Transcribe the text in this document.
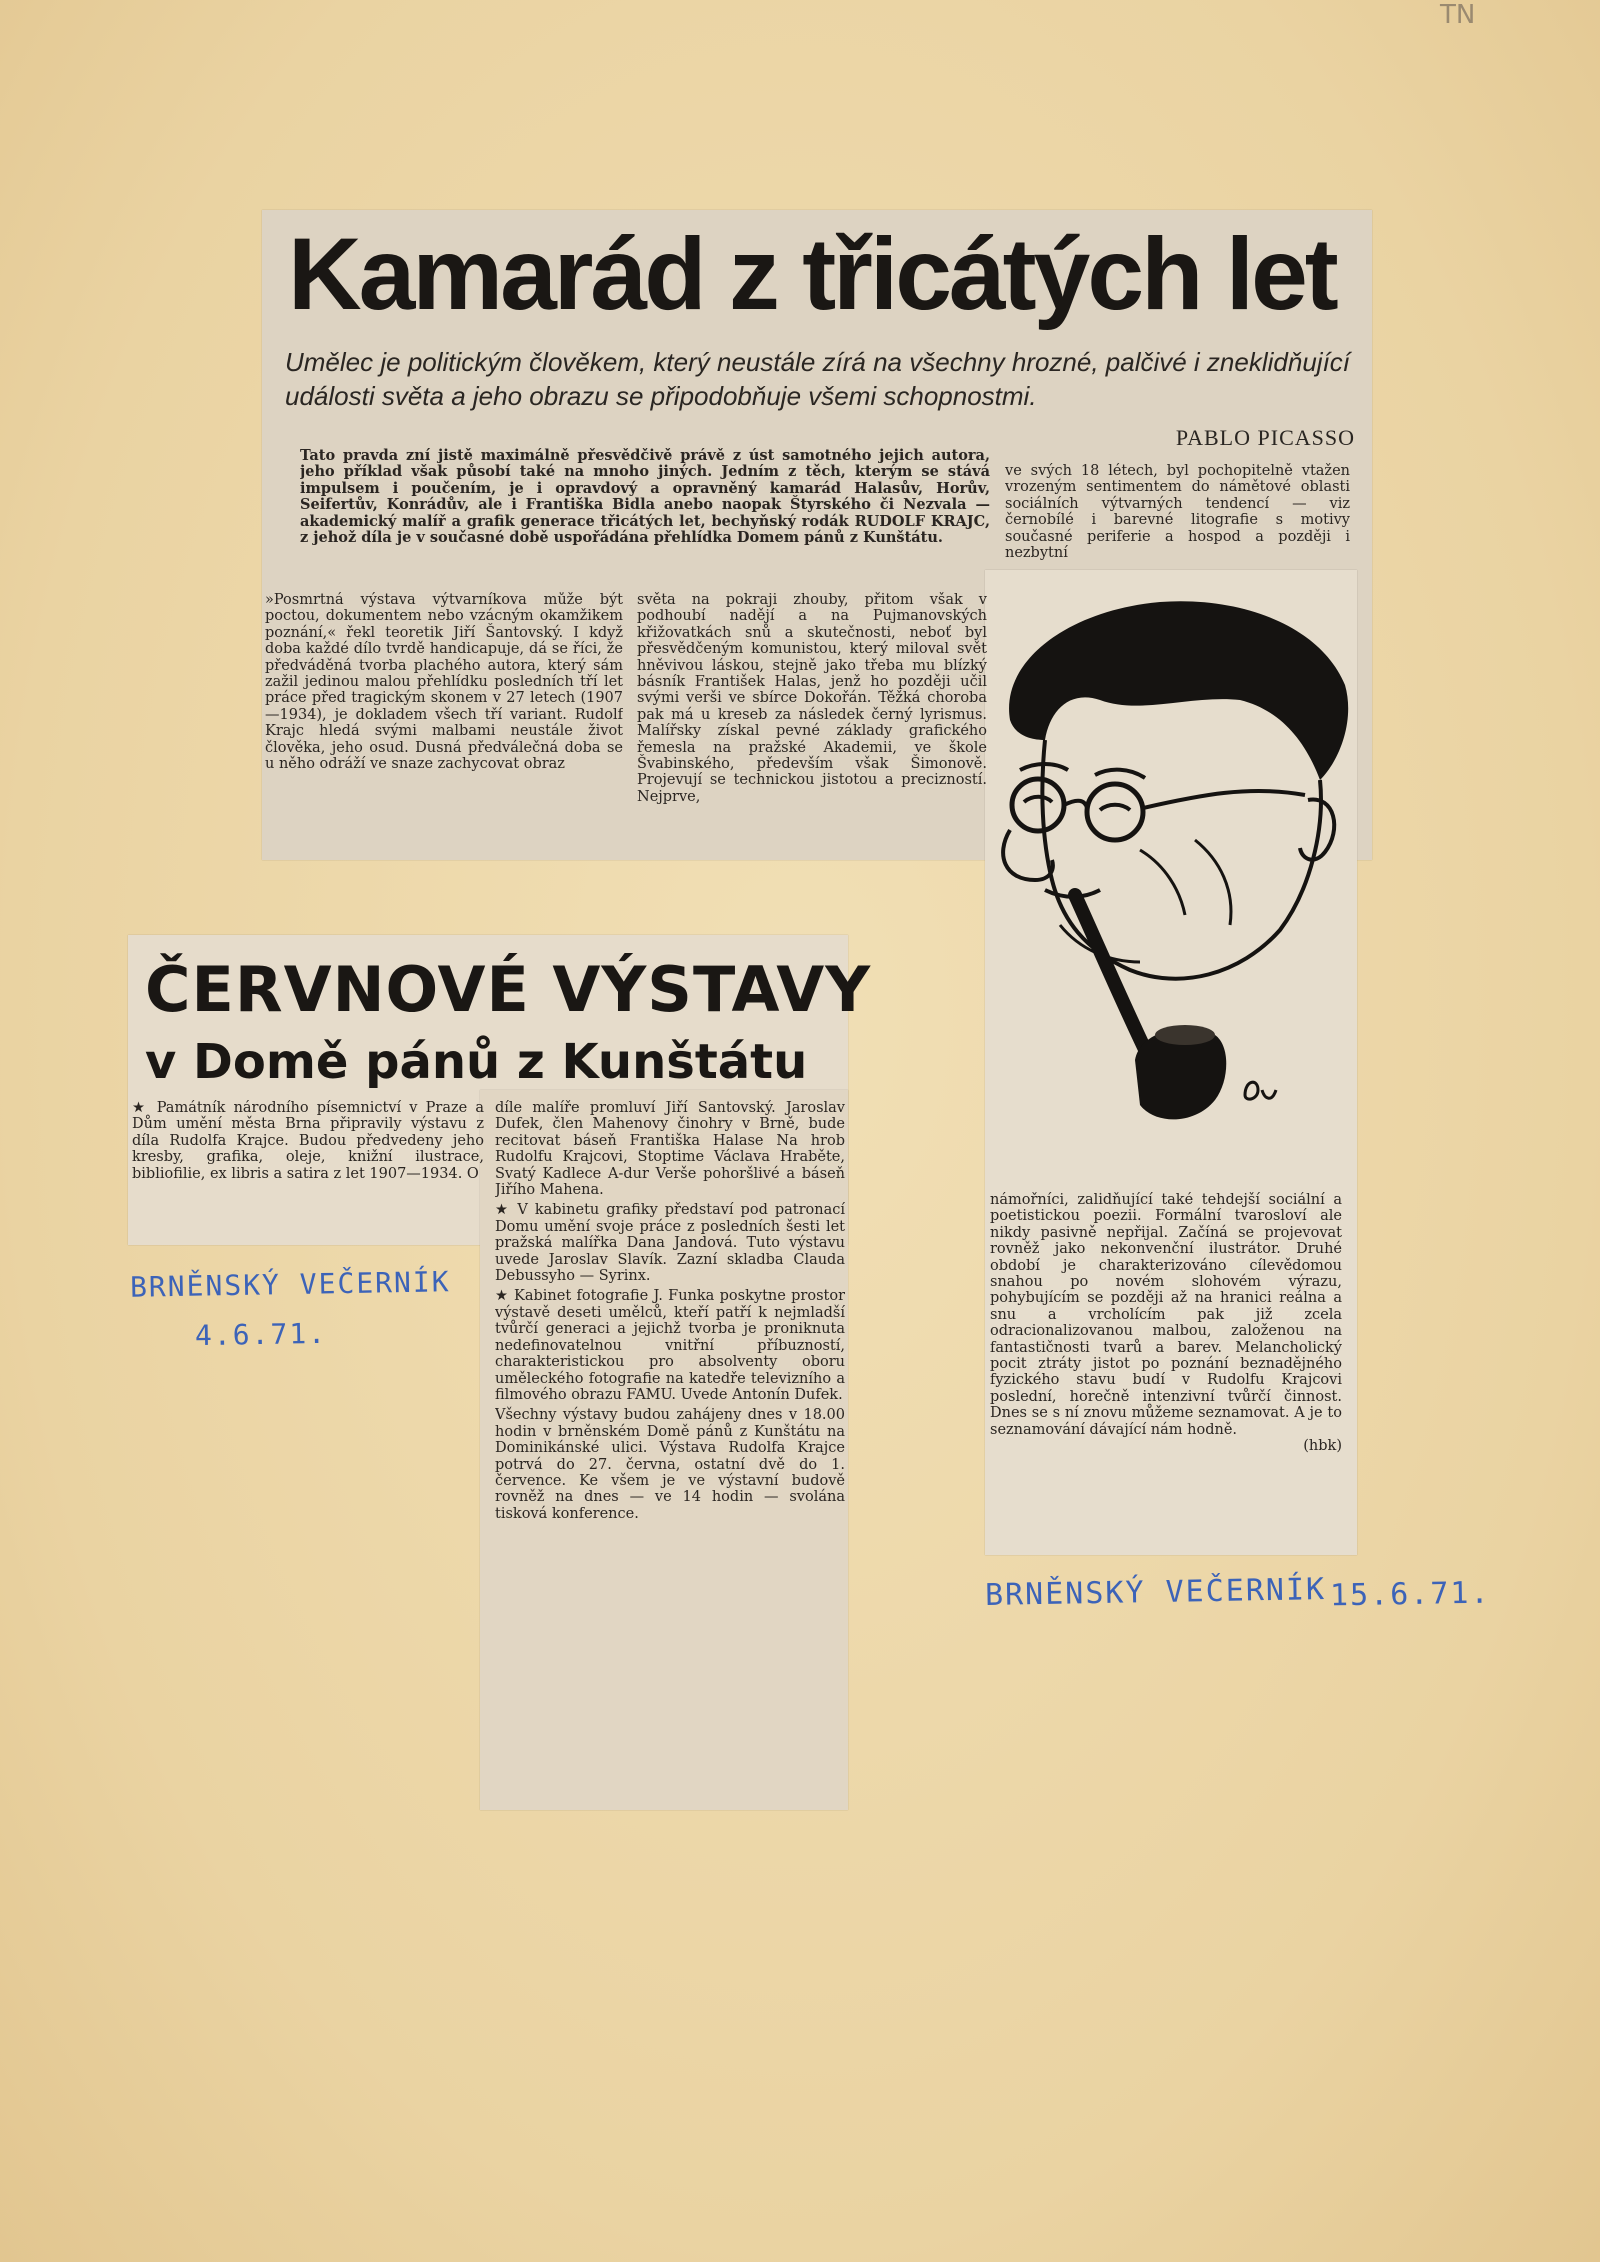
TN
Kamarád z třicátých let
Umělec je politickým člověkem, který neustále zírá na všechny hrozné, palčivé i zneklidňující události světa a jeho obrazu se připodobňuje všemi schopnostmi.
PABLO PICASSO
Tato pravda zní jistě maximálně přesvědčivě právě z úst samotného jejich autora, jeho příklad však působí také na mnoho jiných. Jedním z těch, kterým se stává impulsem i poučením, je i opravdový a opravněný kamarád Halasův, Horův, Seifertův, Konrádův, ale i Františka Bidla anebo naopak Štyrského či Nezvala — akademický malíř a grafik generace třicátých let, bechyňský rodák RUDOLF KRAJC, z jehož díla je v současné době uspořádána přehlídka Domem pánů z Kunštátu.
ve svých 18 létech, byl pochopitelně vtažen vrozeným sentimentem do námětové oblasti sociálních výtvarných tendencí — viz černobílé i barevné litografie s motivy současné periferie a hospod a později i nezbytní
»Posmrtná výstava výtvarníkova může být poctou, dokumentem nebo vzácným okamžikem poznání,« řekl teoretik Jiří Šantovský. I když doba každé dílo tvrdě handicapuje, dá se říci, že předváděná tvorba plachého autora, který sám zažil jedinou malou přehlídku posledních tří let práce před tragickým skonem v 27 letech (1907—1934), je dokladem všech tří variant. Rudolf Krajc hledá svými malbami neustále život člověka, jeho osud. Dusná předválečná doba se u něho odráží ve snaze zachycovat obraz
světa na pokraji zhouby, přitom však v podhoubí nadějí a na Pujmanovských křižovatkách snů a skutečnosti, neboť byl přesvědčeným komunistou, který miloval svět hněvivou láskou, stejně jako třeba mu blízký básník František Halas, jenž ho později učil svými verši ve sbírce Dokořán. Těžká choroba pak má u kreseb za následek černý lyrismus. Malířsky získal pevné základy grafického řemesla na pražské Akademii, ve škole Švabinského, především však Šimonově. Projevují se technickou jistotou a precizností. Nejprve,
námořníci, zalidňující také tehdejší sociální a poetistickou poezii. Formální tvarosloví ale nikdy pasivně nepřijal. Začíná se projevovat rovněž jako nekonvenční ilustrátor. Druhé období je charakterizováno cílevědomou snahou po novém slohovém výrazu, pohybujícím se později až na hranici reálna a snu a vrcholícím pak již zcela odracionalizovanou malbou, založenou na fantastičnosti tvarů a barev. Melancholický pocit ztráty jistot po poznání beznadějného fyzického stavu budí v Rudolfu Krajcovi poslední, horečně intenzivní tvůrčí činnost. Dnes se s ní znovu můžeme seznamovat. A je to seznamování dávající nám hodně.
(hbk)
ČERVNOVÉ VÝSTAVY
v Domě pánů z Kunštátu
★ Památník národního písemnictví v Praze a Dům umění města Brna připravily výstavu z díla Rudolfa Krajce. Budou předvedeny jeho kresby, grafika, oleje, knižní ilustrace, bibliofilie, ex libris a satira z let 1907—1934. O

díle malíře promluví Jiří Šantovský. Jaroslav Dufek, člen Mahenovy činohry v Brně, bude recitovat báseň Františka Halase Na hrob Rudolfu Krajcovi, Stoptime Václava Hraběte, Svatý Kadlece A-dur Verše pohoršlivé a báseň Jiřího Mahena.

★ V kabinetu grafiky představí pod patronací Domu umění svoje práce z posledních šesti let pražská malířka Dana Jandová. Tuto výstavu uvede Jaroslav Slavík. Zazní skladba Clauda Debussyho — Syrinx.

★ Kabinet fotografie J. Funka poskytne prostor výstavě deseti umělců, kteří patří k nejmladší tvůrčí generaci a jejichž tvorba je proniknuta nedefinovatelnou vnitřní příbuzností, charakteristickou pro absolventy oboru uměleckého fotografie na katedře televizního a filmového obrazu FAMU. Uvede Antonín Dufek.

Všechny výstavy budou zahájeny dnes v 18.00 hodin v brněnském Domě pánů z Kunštátu na Dominikánské ulici. Výstava Rudolfa Krajce potrvá do 27. června, ostatní dvě do 1. července. Ke všem je ve výstavní budově rovněž na dnes — ve 14 hodin — svolána tisková konference.

BRNĚNSKÝ VEČERNÍK
4.6.71.
BRNĚNSKÝ VEČERNÍK 15.6.71.
